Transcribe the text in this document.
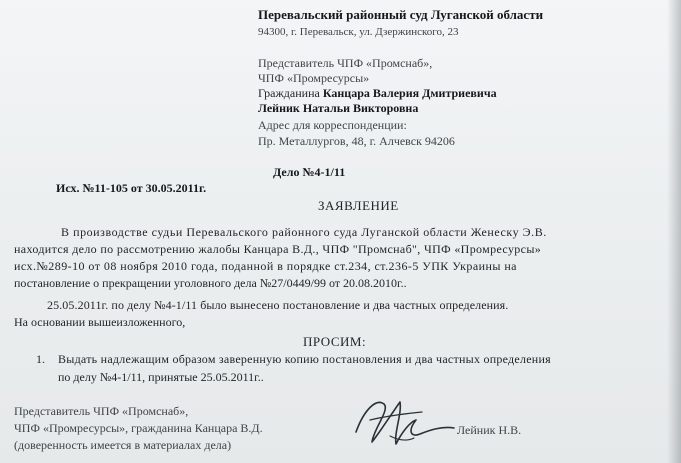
Перевальский районный суд Луганской области
94300, г. Перевальск, ул. Дзержинского, 23
Представитель ЧПФ «Промснаб»,
ЧПФ «Промресурсы»
Гражданина Канцара Валерия Дмитриевича
Лейник Натальи Викторовна
Адрес для корреспонденции:
Пр. Металлургов, 48, г. Алчевск 94206
Дело №4-1/11
Исх. №11-105 от 30.05.2011г.
ЗАЯВЛЕНИЕ
В производстве судьи Перевальского районного суда Луганской области Женеску Э.В.
находится дело по рассмотрению жалобы Канцара В.Д., ЧПФ "Промснаб", ЧПФ «Промресурсы»
исх.№289-10 от 08 ноября 2010 года, поданной в порядке ст.234, ст.236-5 УПК Украины на
постановление о прекращении уголовного дела №27/0449/99 от 20.08.2010г..
25.05.2011г. по делу №4-1/11 было вынесено постановление и два частных определения.
На основании вышеизложенного,
ПРОСИМ:
1. Выдать надлежащим образом заверенную копию постановления и два частных определения
по делу №4-1/11, принятые 25.05.2011г..
Представитель ЧПФ «Промснаб»,
ЧПФ «Промресурсы», гражданина Канцара В.Д.
(доверенность имеется в материалах дела)
Лейник Н.В.
